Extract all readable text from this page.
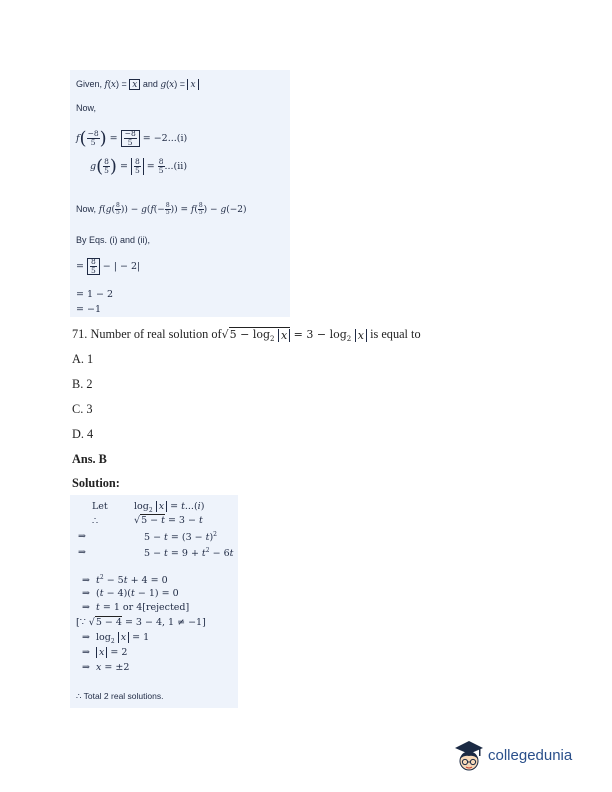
Given, f(x) = x and g(x) = x
Now,
$f( \frac{-8}{5}$ ) = $\frac{-8}{5} = -2...(i)$
$g( \frac{8}{5}$ ) = $\frac{8}{5} = \frac{8}{5} ...(ii)$
Now, $f(g( \frac{8}{5}$ )) − $g(f(- \frac{8}{5}$ )) = $f( \frac{8}{5}$ ) − g(−2)
By Eqs. (i) and (ii),
= $\frac{8}{5}$ − | − 2|
= 1 − 2
= −1
71. Number of real solution $of√5 - \log_2 x = 3 - \log_2 x$ is equal to
A. 1
B. 2
C. 3
D. 4
Ans. B
Solution:
Let	$\log_2 x = t...(i)$
∴	√5 − t = 3 − t
⇒	$5 - t = (3 - t)^2$
⇒	$5 - t = 9 + t^2 - 6t$
⇒ $t^2 - 5t + 4 = 0$
⇒  (t − 4)(t − 1) = 0
⇒ t = 1 or 4[rejected]
[∵ √5 − 4 = 3 − 4, 1 ≠ −1]
⇒  $\log_2 x = 1$
⇒ x = 2
⇒ x = ±2
∴ Total 2 real solutions.
collegedunia
